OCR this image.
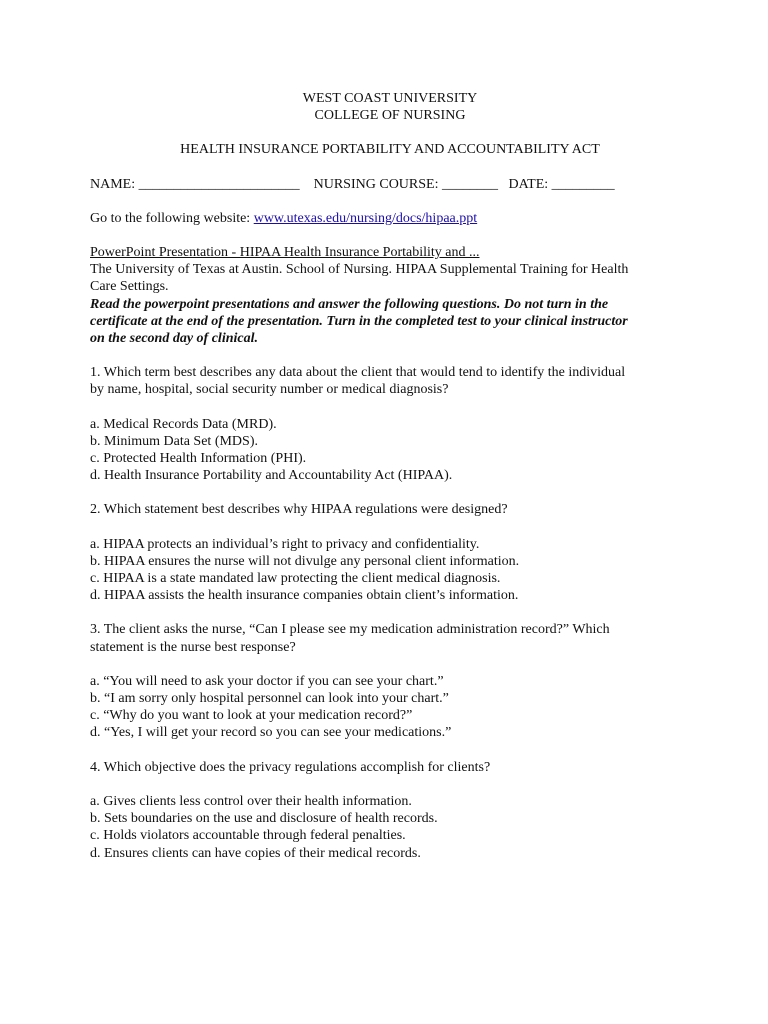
WEST COAST UNIVERSITY

COLLEGE OF NURSING

HEALTH INSURANCE PORTABILITY AND ACCOUNTABILITY ACT

NAME: _______________________ NURSING COURSE: ________ DATE: _________

Go to the following website: www.utexas.edu/nursing/docs/hipaa.ppt

PowerPoint Presentation - HIPAA Health Insurance Portability and ...

The University of Texas at Austin. School of Nursing. HIPAA Supplemental Training for Health

Care Settings.

Read the powerpoint presentations and answer the following questions. Do not turn in the

certificate at the end of the presentation. Turn in the completed test to your clinical instructor

on the second day of clinical.

1. Which term best describes any data about the client that would tend to identify the individual

by name, hospital, social security number or medical diagnosis?

a. Medical Records Data (MRD).

b. Minimum Data Set (MDS).

c. Protected Health Information (PHI).

d. Health Insurance Portability and Accountability Act (HIPAA).

2. Which statement best describes why HIPAA regulations were designed?

a. HIPAA protects an individual’s right to privacy and confidentiality.

b. HIPAA ensures the nurse will not divulge any personal client information.

c. HIPAA is a state mandated law protecting the client medical diagnosis.

d. HIPAA assists the health insurance companies obtain client’s information.

3. The client asks the nurse, “Can I please see my medication administration record?” Which

statement is the nurse best response?

a. “You will need to ask your doctor if you can see your chart.”

b. “I am sorry only hospital personnel can look into your chart.”

c. “Why do you want to look at your medication record?”

d. “Yes, I will get your record so you can see your medications.”

4. Which objective does the privacy regulations accomplish for clients?

a. Gives clients less control over their health information.

b. Sets boundaries on the use and disclosure of health records.

c. Holds violators accountable through federal penalties.

d. Ensures clients can have copies of their medical records.
